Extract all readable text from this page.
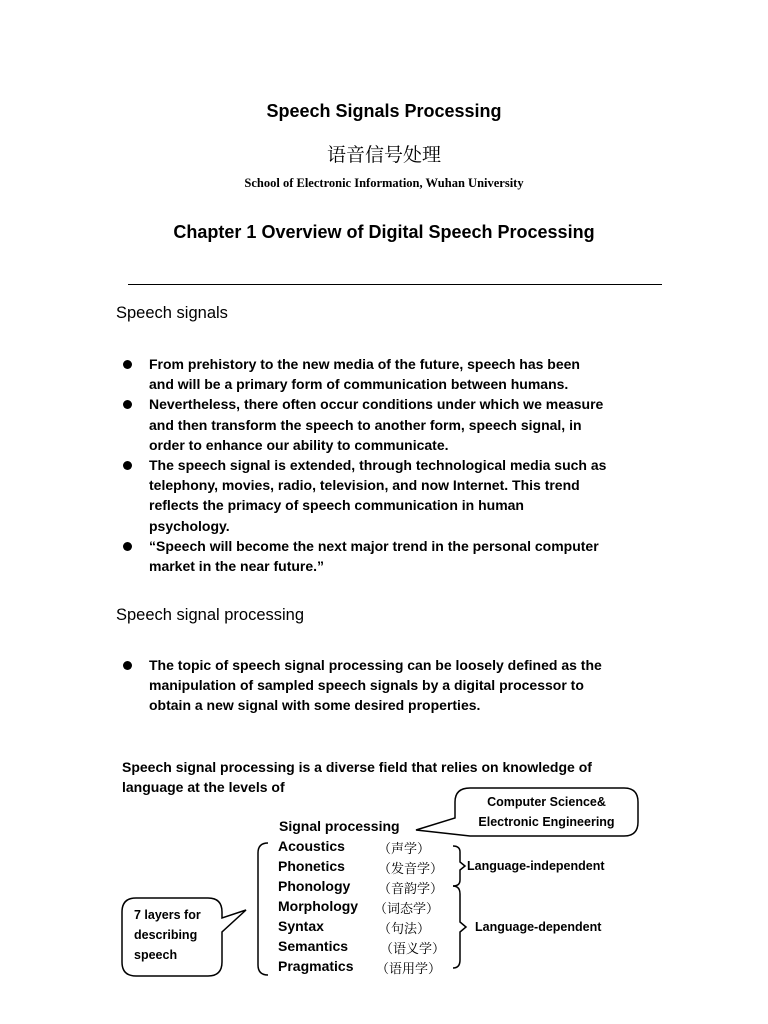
Speech Signals Processing
语音信号处理
School of Electronic Information, Wuhan University
Chapter 1 Overview of Digital Speech Processing
Speech signals
From prehistory to the new media of the future, speech has been
and will be a primary form of communication between humans.
Nevertheless, there often occur conditions under which we measure
and then transform the speech to another form, speech signal, in
order to enhance our ability to communicate.
The speech signal is extended, through technological media such as
telephony, movies, radio, television, and now Internet. This trend
reflects the primacy of speech communication in human
psychology.
“Speech will become the next major trend in the personal computer
market in the near future.”
Speech signal processing
The topic of speech signal processing can be loosely defined as the
manipulation of sampled speech signals by a digital processor to
obtain a new signal with some desired properties.
Speech signal processing is a diverse field that relies on knowledge of
language at the levels of
Computer Science&
Electronic Engineering
7 layers for
describing
speech
Signal processing
Acoustics	（声学）
Phonetics	（发音学）
Phonology （音韵学）
Morphology （词态学）
Syntax	（句法）
Semantics （语义学）
Pragmatics （语用学）
Language-independent
Language-dependent
